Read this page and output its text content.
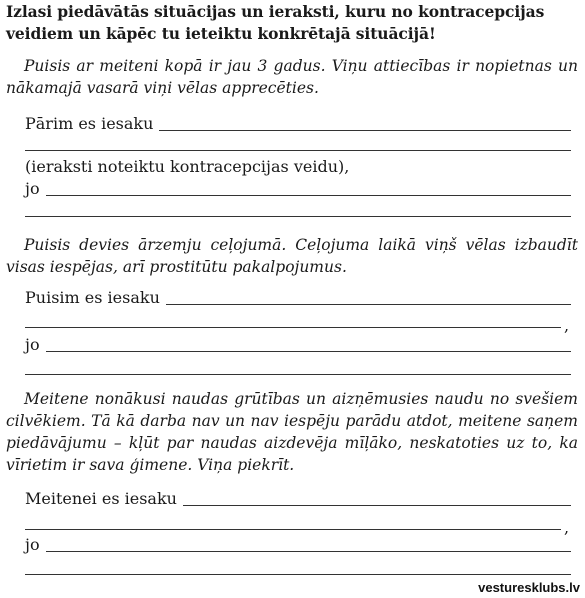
Izlasi piedāvātās situācijas un ieraksti, kuru no kontracepcijas veidiem un kāpēc tu ieteiktu konkrētajā situācijā!
Puisis ar meiteni kopā ir jau 3 gadus. Viņu attiecības ir nopietnas un nākamajā vasarā viņi vēlas apprecēties.
Pārim es iesaku
(ieraksti noteiktu kontracepcijas veidu),
jo
Puisis devies ārzemju ceļojumā. Ceļojuma laikā viņš vēlas izbaudīt visas iespējas, arī prostitūtu pakalpojumus.
Puisim es iesaku
,
jo
Meitene nonākusi naudas grūtības un aizņēmusies naudu no svešiem cilvēkiem. Tā kā darba nav un nav iespēju parādu atdot, meitene saņem piedāvājumu – kļūt par naudas aizdevēja mīļāko, neskatoties uz to, ka vīrietim ir sava ģimene. Viņa piekrīt.
Meitenei es iesaku
,
jo
vesturesklubs.lv
